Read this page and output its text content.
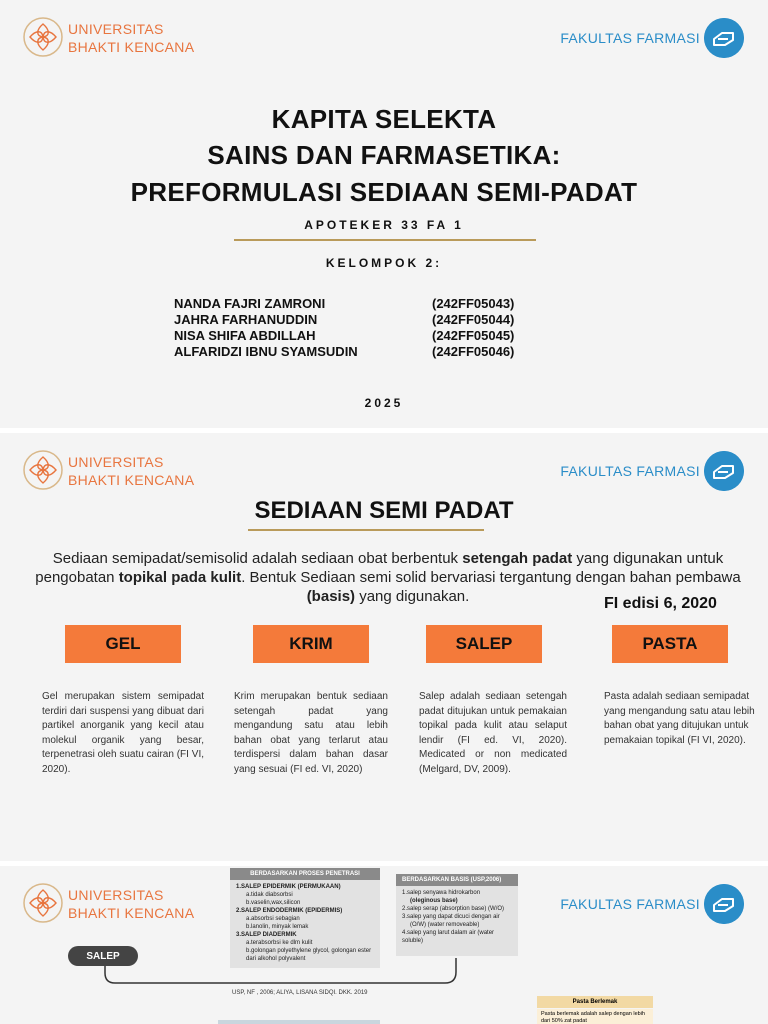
UNIVERSITAS
BHAKTI KENCANA
FAKULTAS FARMASI
KAPITA SELEKTA
SAINS DAN FARMASETIKA:
PREFORMULASI SEDIAAN SEMI-PADAT
APOTEKER 33 FA 1
KELOMPOK 2:
NANDA FAJRI ZAMRONI	(242FF05043)
JAHRA FARHANUDDIN	(242FF05044)
NISA SHIFA ABDILLAH	(242FF05045)
ALFARIDZI IBNU SYAMSUDIN	(242FF05046)
2025
UNIVERSITAS
BHAKTI KENCANA
FAKULTAS FARMASI
SEDIAAN SEMI PADAT
Sediaan semipadat/semisolid adalah sediaan obat berbentuk setengah padat yang digunakan untuk pengobatan topikal pada kulit. Bentuk Sediaan semi solid bervariasi tergantung dengan bahan pembawa (basis) yang digunakan.	FI edisi 6, 2020
GEL	KRIM	SALEP	PASTA
Gel merupakan sistem semipadat terdiri dari suspensi yang dibuat dari partikel anorganik yang kecil atau molekul organik yang besar, terpenetrasi oleh suatu cairan (FI VI, 2020).
Krim merupakan bentuk sediaan setengah padat yang mengandung satu atau lebih bahan obat yang terlarut atau terdispersi dalam bahan dasar yang sesuai (FI ed. VI, 2020)
Salep adalah sediaan setengah padat ditujukan untuk pemakaian topikal pada kulit atau selaput lendir (FI ed. VI, 2020). Medicated or non medicated (Melgard, DV, 2009).
Pasta adalah sediaan semipadat yang mengandung satu atau lebih bahan obat yang ditujukan untuk pemakaian topikal (FI VI, 2020).
UNIVERSITAS
BHAKTI KENCANA
FAKULTAS FARMASI
SALEP
BERDASARKAN PROSES PENETRASI
1.SALEP EPIDERMIK (PERMUKAAN)
a.tidak diabsorbsi
b.vaselin,wax,silicon
2.SALEP ENDODERMIK (EPIDERMIS)
a.absorbsi sebagian
b.lanolin, minyak lemak
3.SALEP DIADERMIK
a.terabsorbsi ke dlm kulit
b.golongan polyethylene glycol, golongan ester dari alkohol polyvalent
BERDASARKAN BASIS (USP,2006)
1.salep senyawa hidrokarbon
(oleginous base)
2.salep serap (absorption base) (W/O)
3.salep yang dapat dicuci dengan air
(O/W) (water removeable)
4.salep yang larut dalam air (water soluble)
USP, NF , 2006; ALIYA, LISANA SIDQI. DKK. 2019
Pasta Berlemak
Pasta berlemak adalah salep dengan lebih dari 50% zat padat
